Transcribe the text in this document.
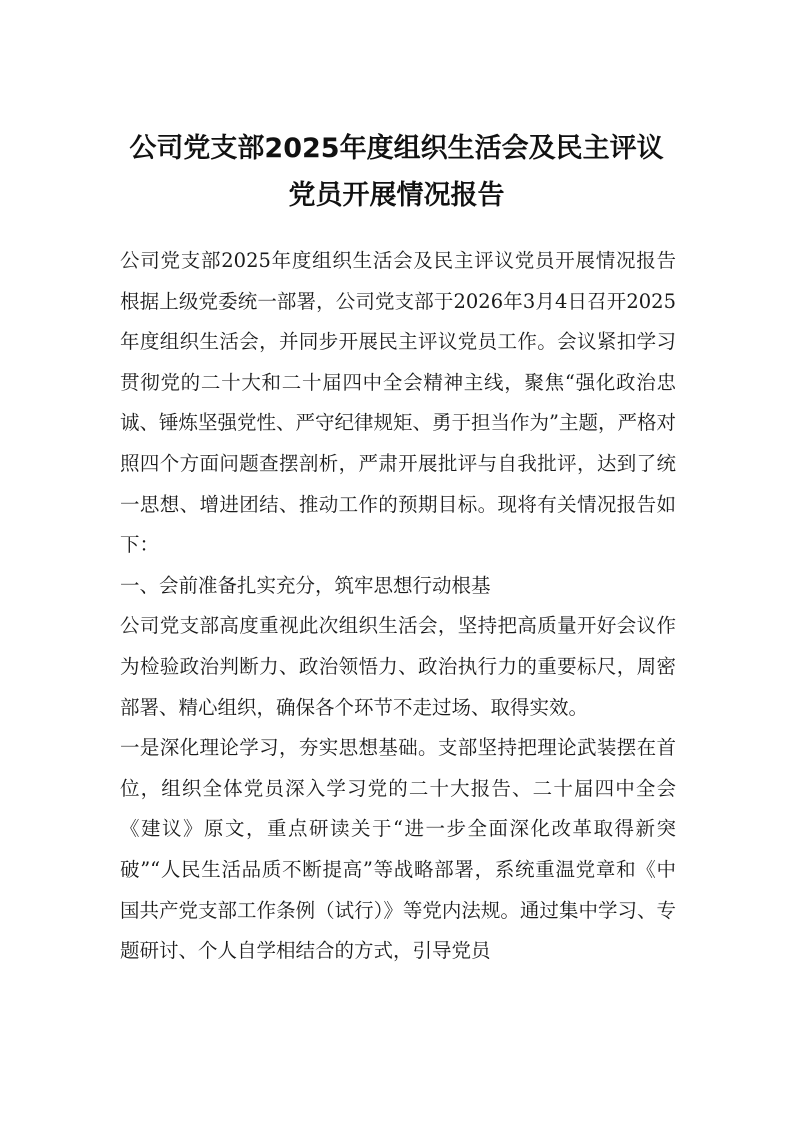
公司党支部2025年度组织生活会及民主评议党员开展情况报告

公司党支部2025年度组织生活会及民主评议党员开展情况报告根据上级党委统一部署，公司党支部于2026年3月4日召开2025年度组织生活会，并同步开展民主评议党员工作。会议紧扣学习贯彻党的二十大和二十届四中全会精神主线，聚焦“强化政治忠诚、锤炼坚强党性、严守纪律规矩、勇于担当作为”主题，严格对照四个方面问题查摆剖析，严肃开展批评与自我批评，达到了统一思想、增进团结、推动工作的预期目标。现将有关情况报告如下：

一、会前准备扎实充分，筑牢思想行动根基

公司党支部高度重视此次组织生活会，坚持把高质量开好会议作为检验政治判断力、政治领悟力、政治执行力的重要标尺，周密部署、精心组织，确保各个环节不走过场、取得实效。

一是深化理论学习，夯实思想基础。支部坚持把理论武装摆在首位，组织全体党员深入学习党的二十大报告、二十届四中全会《建议》原文，重点研读关于“进一步全面深化改革取得新突破”“人民生活品质不断提高”等战略部署，系统重温党章和《中国共产党支部工作条例（试行）》等党内法规。通过集中学习、专题研讨、个人自学相结合的方式，引导党员
